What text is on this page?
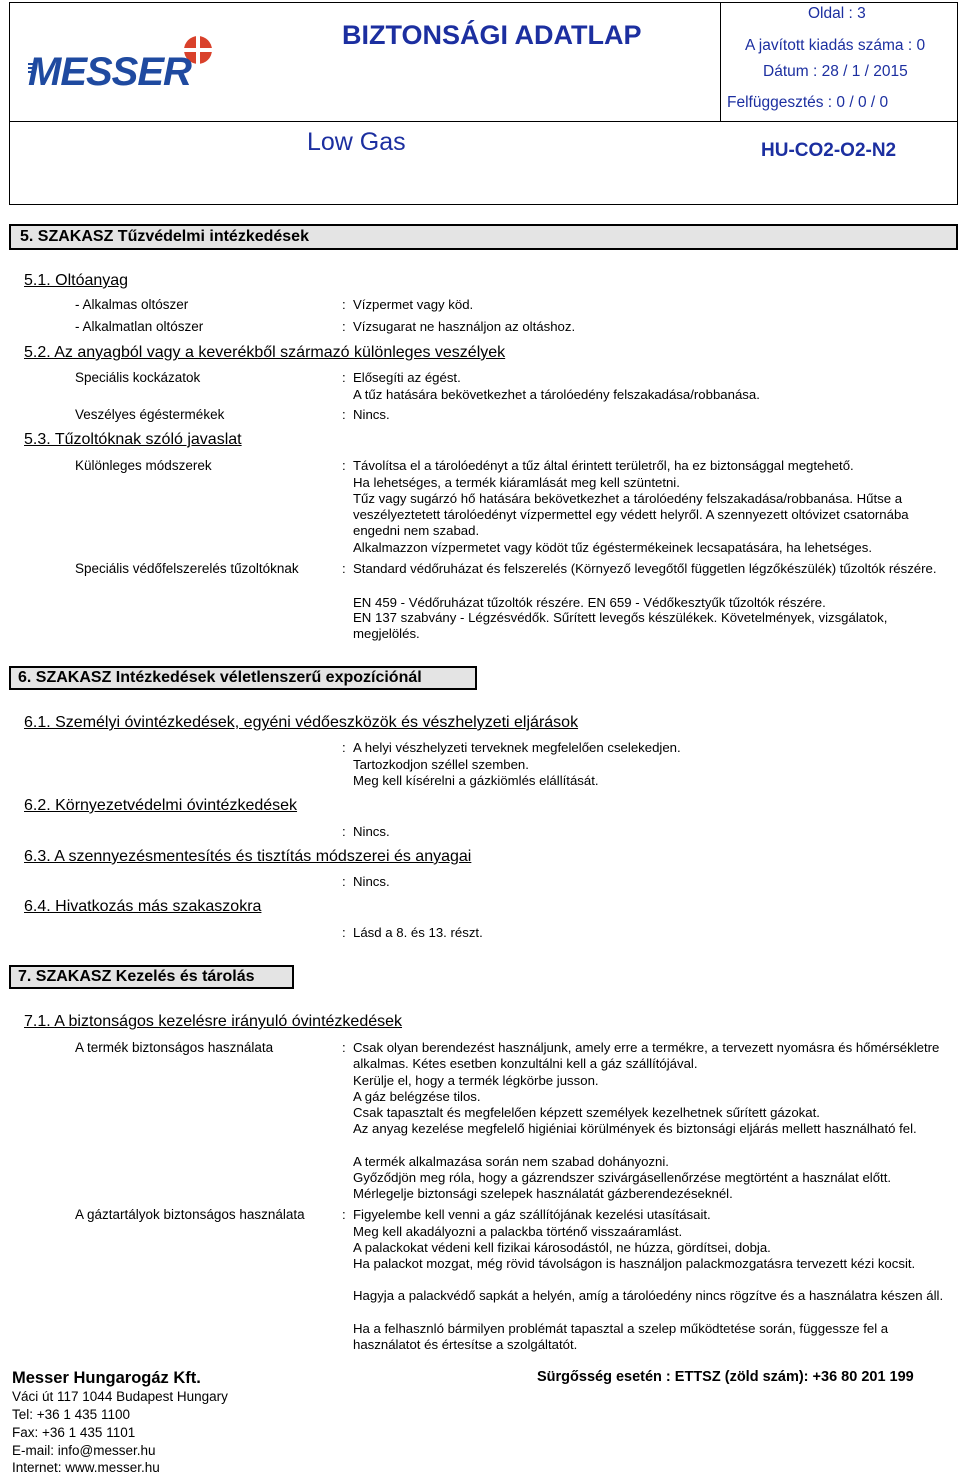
MESSER
BIZTONSÁGI ADATLAP
Oldal : 3
A javított kiadás száma : 0
Dátum : 28 / 1 / 2015
Felfüggesztés : 0 / 0 / 0
Low Gas	HU-CO2-O2-N2
5. SZAKASZ Tűzvédelmi intézkedések
5.1. Oltóanyag
- Alkalmas oltószer	: Vízpermet vagy köd.
- Alkalmatlan oltószer	: Vízsugarat ne használjon az oltáshoz.
5.2. Az anyagból vagy a keverékből származó különleges veszélyek
Speciális kockázatok	: Elősegíti az égést.
A tűz hatására bekövetkezhet a tárolóedény felszakadása/robbanása.
Veszélyes égéstermékek	: Nincs.
5.3. Tűzoltóknak szóló javaslat
Különleges módszerek	: Távolítsa el a tárolóedényt a tűz által érintett területről, ha ez biztonsággal megtehető.
Ha lehetséges, a termék kiáramlását meg kell szüntetni.
Tűz vagy sugárzó hő hatására bekövetkezhet a tárolóedény felszakadása/robbanása. Hűtse a veszélyeztetett tárolóedényt vízpermettel egy védett helyről. A szennyezett oltóvizet csatornába engedni nem szabad.
Alkalmazzon vízpermetet vagy ködöt tűz égéstermékeinek lecsapatására, ha lehetséges.
Speciális védőfelszerelés tűzoltóknak	: Standard védőruházat és felszerelés (Környező levegőtől független légzőkészülék) tűzoltók részére.
EN 459 - Védőruházat tűzoltók részére. EN 659 - Védőkesztyűk tűzoltók részére.
EN 137 szabvány - Légzésvédők. Sűrített levegős készülékek. Követelmények, vizsgálatok, megjelölés.
6. SZAKASZ Intézkedések véletlenszerű expozíciónál
6.1. Személyi óvintézkedések, egyéni védőeszközök és vészhelyzeti eljárások
: A helyi vészhelyzeti terveknek megfelelően cselekedjen.
Tartozkodjon széllel szemben.
Meg kell kísérelni a gázkiömlés elállítását.
6.2. Környezetvédelmi óvintézkedések
: Nincs.
6.3. A szennyezésmentesítés és tisztítás módszerei és anyagai
: Nincs.
6.4. Hivatkozás más szakaszokra
: Lásd a 8. és 13. részt.
7. SZAKASZ Kezelés és tárolás
7.1. A biztonságos kezelésre irányuló óvintézkedések
A termék biztonságos használata	: Csak olyan berendezést használjunk, amely erre a termékre, a tervezett nyomásra és hőmérsékletre alkalmas. Kétes esetben konzultálni kell a gáz szállítójával.
Kerülje el, hogy a termék légkörbe jusson.
A gáz belégzése tilos.
Csak tapasztalt és megfelelően képzett személyek kezelhetnek sűrített gázokat.
Az anyag kezelése megfelelő higiéniai körülmények és biztonsági eljárás mellett használható fel.
A termék alkalmazása során nem szabad dohányozni.
Győződjön meg róla, hogy a gázrendszer szivárgásellenőrzése megtörtént a használat előtt.
Mérlegelje biztonsági szelepek használatát gázberendezéseknél.
A gáztartályok biztonságos használata	: Figyelembe kell venni a gáz szállítójának kezelési utasításait.
Meg kell akadályozni a palackba történő visszaáramlást.
A palackokat védeni kell fizikai károsodástól, ne húzza, gördítsei, dobja.
Ha palackot mozgat, még rövid távolságon is használjon palackmozgatásra tervezett kézi kocsit.
Hagyja a palackvédő sapkát a helyén, amíg a tárolóedény nincs rögzítve és a használatra készen áll.
Ha a felhasznló bármilyen problémát tapasztal a szelep működtetése során, függessze fel a használatot és értesítse a szolgáltatót.
Messer Hungarogáz Kft.
Váci út 117 1044 Budapest Hungary
Tel: +36 1 435 1100
Fax: +36 1 435 1101
E-mail: info@messer.hu
Internet: www.messer.hu
Sürgősség esetén : ETTSZ (zöld szám): +36 80 201 199
